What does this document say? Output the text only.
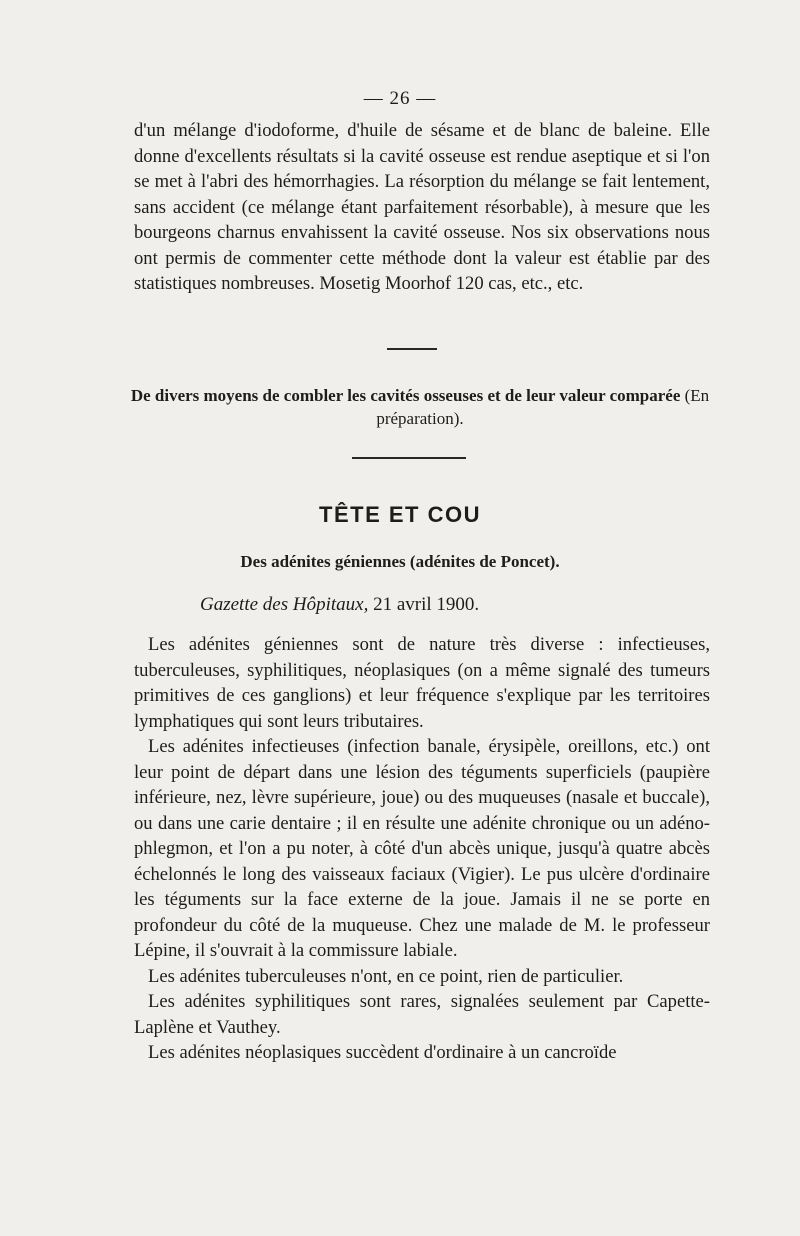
— 26 —

d'un mélange d'iodoforme, d'huile de sésame et de blanc de baleine. Elle donne d'excellents résultats si la cavité osseuse est rendue aseptique et si l'on se met à l'abri des hémorrhagies. La résorption du mélange se fait lentement, sans accident (ce mélange étant parfaitement résorbable), à mesure que les bourgeons charnus envahissent la cavité osseuse. Nos six observations nous ont permis de commenter cette méthode dont la valeur est établie par des statistiques nombreuses. Mosetig Moorhof 120 cas, etc., etc.

De divers moyens de combler les cavités osseuses et de leur valeur comparée (En préparation).
TÊTE ET COU
Des adénites géniennes (adénites de Poncet).
Gazette des Hôpitaux, 21 avril 1900.

Les adénites géniennes sont de nature très diverse : infectieuses, tuberculeuses, syphilitiques, néoplasiques (on a même signalé des tumeurs primitives de ces ganglions) et leur fréquence s'explique par les territoires lymphatiques qui sont leurs tributaires.

Les adénites infectieuses (infection banale, érysipèle, oreillons, etc.) ont leur point de départ dans une lésion des téguments superficiels (paupière inférieure, nez, lèvre supérieure, joue) ou des muqueuses (nasale et buccale), ou dans une carie dentaire ; il en résulte une adénite chronique ou un adéno-phlegmon, et l'on a pu noter, à côté d'un abcès unique, jusqu'à quatre abcès échelonnés le long des vaisseaux faciaux (Vigier). Le pus ulcère d'ordinaire les téguments sur la face externe de la joue. Jamais il ne se porte en profondeur du côté de la muqueuse. Chez une malade de M. le professeur Lépine, il s'ouvrait à la commissure labiale.

Les adénites tuberculeuses n'ont, en ce point, rien de particulier.

Les adénites syphilitiques sont rares, signalées seulement par Capette-Laplène et Vauthey.

Les adénites néoplasiques succèdent d'ordinaire à un cancroïde
